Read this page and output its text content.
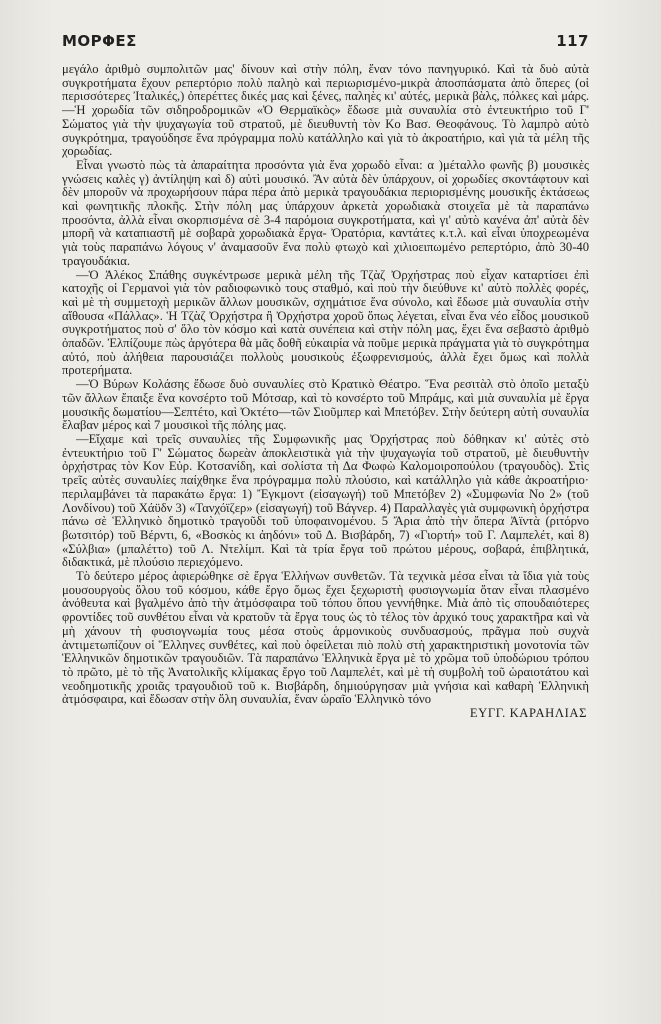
ΜΟΡΦΕΣ	117

μεγάλο ἀριθμὸ συμπολιτῶν μας' δίνουν καὶ στὴν πόλη, ἕναν τόνο πανηγυρικό. Καὶ τὰ δυὸ αὐτὰ συγκροτήματα ἔχουν ρεπερτόριο πολὺ παληὸ καὶ περιωρισμένο-μικρὰ ἀποσπάσματα ἀπὸ ὄπερες (οἱ περισσότερες Ἰταλικές,) ὀπερέττες δικές μας καὶ ξένες, παληὲς κι' αὐτές, μερικὰ βὰλς, πόλκες καὶ μάρς.—Ἡ χορωδία τῶν σιδηροδρομικῶν «Ὁ Θερμαϊκὸς» ἔδωσε μιὰ συναυλία στὸ ἐντευκτήριο τοῦ Γ' Σώματος γιὰ τὴν ψυχαγωγία τοῦ στρατοῦ, μὲ διευθυντὴ τὸν Κο Βασ. Θεοφάνους. Τὸ λαμπρὸ αὐτὸ συγκρότημα, τραγούδησε ἕνα πρόγραμμα πολὺ κατάλληλο καὶ γιὰ τὸ ἀκροατήριο, καὶ γιὰ τὰ μέλη τῆς χορωδίας.

Εἶναι γνωστὸ πὼς τὰ ἀπαραίτητα προσόντα γιὰ ἕνα χορωδὸ εἶναι: α )μέταλλο φωνῆς β) μουσικὲς γνώσεις καλὲς γ) ἀντίληψη καὶ δ) αὐτὶ μουσικό. Ἂν αὐτὰ δὲν ὑπάρχουν, οἱ χορωδίες σκοντάφτουν καὶ δὲν μποροῦν νὰ προχωρήσουν πάρα πέρα ἀπὸ μερικὰ τραγουδάκια περιορισμένης μουσικῆς ἐκτάσεως καὶ φωνητικῆς πλοκῆς. Στὴν πόλη μας ὑπάρχουν ἀρκετὰ χορωδιακὰ στοιχεῖα μὲ τὰ παραπάνω προσόντα, ἀλλὰ εἶναι σκορπισμένα σὲ 3-4 παρόμοια συγκροτήματα, καὶ γι' αὐτὸ κανένα ἀπ' αὐτὰ δὲν μπορῆ νὰ καταπιαστῆ μὲ σοβαρὰ χορωδιακὰ ἔργα- Ὀρατόρια, καντάτες κ.τ.λ. καὶ εἶναι ὑποχρεωμένα γιὰ τοὺς παραπάνω λόγους ν' ἀναμασοῦν ἕνα πολὺ φτωχὸ καὶ χιλιοειπωμένο ρεπερτόριο, ἀπὸ 30-40 τραγουδάκια.

—Ὁ Ἀλέκος Σπάθης συγκέντρωσε μερικὰ μέλη τῆς Τζὰζ Ὀρχήστρας ποὺ εἶχαν καταρτίσει ἐπὶ κατοχῆς οἱ Γερμανοὶ γιὰ τὸν ραδιοφωνικὸ τους σταθμό, καὶ ποὺ τὴν διεύθυνε κι' αὐτὸ πολλὲς φορές, καὶ μὲ τὴ συμμετοχὴ μερικῶν ἄλλων μουσικῶν, σχημάτισε ἕνα σύνολο, καὶ ἔδωσε μιὰ συναυλία στὴν αἴθουσα «Πάλλας». Ἡ Τζὰζ Ὀρχήστρα ἢ Ὀρχήστρα χοροῦ ὅπως λέγεται, εἶναι ἕνα νέο εἶδος μουσικοῦ συγκροτήματος ποὺ σ' ὅλο τὸν κόσμο καὶ κατὰ συνέπεια καὶ στὴν πόλη μας, ἔχει ἕνα σεβαστὸ ἀριθμὸ ὀπαδῶν. Ἐλπίζουμε πὼς ἀργότερα θὰ μᾶς δοθῆ εὐκαιρία νὰ ποῦμε μερικὰ πράγματα γιὰ τὸ συγκρότημα αὐτό, ποὺ ἀλήθεια παρουσιάζει πολλοὺς μουσικοὺς ἐξωφρενισμούς, ἀλλὰ ἔχει ὅμως καὶ πολλὰ προτερήματα.

—Ὁ Βύρων Κολάσης ἔδωσε δυὸ συναυλίες στὸ Κρατικὸ Θέατρο. Ἕνα ρεσιτὰλ στὸ ὁποῖο μεταξὺ τῶν ἄλλων ἔπαιξε ἕνα κονσέρτο τοῦ Μότσαρ, καὶ τὸ κονσέρτο τοῦ Μπράμς, καὶ μιὰ συναυλία μὲ ἔργα μουσικῆς δωματίου—Σεπτέτο, καὶ Ὀκτέτο—τῶν Σιοῦμπερ καὶ Μπετόβεν. Στὴν δεύτερη αὐτὴ συναυλία ἔλαβαν μέρος καὶ 7 μουσικοὶ τῆς πόλης μας.

—Εἴχαμε καὶ τρεῖς συναυλίες τῆς Συμφωνικῆς μας Ὀρχήστρας ποὺ δόθηκαν κι' αὐτὲς στὸ ἐντευκτήριο τοῦ Γ' Σώματος δωρεὰν ἀποκλειστικὰ γιὰ τὴν ψυχαγωγία τοῦ στρατοῦ, μὲ διευθυντὴν ὀρχήστρας τὸν Κον Εὐρ. Κοτσανίδη, καὶ σολίστα τὴ Δα Φωφὼ Καλομοιροπούλου (τραγουδὸς). Στὶς τρεῖς αὐτὲς συναυλίες παίχθηκε ἕνα πρόγραμμα πολὺ πλούσιο, καὶ κατάλληλο γιὰ κάθε ἀκροατήριο· περιλαμβάνει τὰ παρακάτω ἔργα: 1) Ἔγκμοντ (εἰσαγωγή) τοῦ Μπετόβεν 2) «Συμφωνία Νο 2» (τοῦ Λονδίνου) τοῦ Χάϋδν 3) «Τανχόϊζερ» (εἰσαγωγή) τοῦ Βάγνερ. 4) Παραλλαγὲς γιὰ συμφωνικὴ ὀρχήστρα πάνω σὲ Ἑλληνικὸ δημοτικὸ τραγοῦδι τοῦ ὑποφαινομένου. 5 Ἄρια ἀπὸ τὴν ὄπερα Ἀϊντὰ (ριτόρνο βωτσιτόρ) τοῦ Βέρντι, 6, «Βοσκὸς κι ἀηδόνι» τοῦ Δ. Βισβάρδη, 7) «Γιορτή» τοῦ Γ. Λαμπελέτ, καὶ 8) «Σύλβια» (μπαλέττο) τοῦ Λ. Ντελίμπ. Καὶ τὰ τρία ἔργα τοῦ πρώτου μέρους, σοβαρά, ἐπιβλητικά, διδακτικά, μὲ πλούσιο περιεχόμενο.

Τὸ δεύτερο μέρος ἀφιερώθηκε σὲ ἔργα Ἑλλήνων συνθετῶν. Τὰ τεχνικὰ μέσα εἶναι τὰ ἴδια γιὰ τοὺς μουσουργοὺς ὅλου τοῦ κόσμου, κάθε ἔργο ὅμως ἔχει ξεχωριστὴ φυσιογνωμία ὅταν εἶναι πλασμένο ἀνόθευτα καὶ βγαλμένο ἀπὸ τὴν ἀτμόσφαιρα τοῦ τόπου ὅπου γεννήθηκε. Μιὰ ἀπὸ τὶς σπουδαιότερες φροντίδες τοῦ συνθέτου εἶναι νὰ κρατοῦν τὰ ἔργα τους ὡς τὸ τέλος τὸν ἀρχικό τους χαρακτῆρα καὶ νὰ μὴ χάνουν τὴ φυσιογνωμία τους μέσα στοὺς ἁρμονικοὺς συνδυασμούς, πρᾶγμα ποὺ συχνὰ ἀντιμετωπίζουν οἱ Ἕλληνες συνθέτες, καὶ ποὺ ὀφείλεται πιὸ πολὺ στὴ χαρακτηριστικὴ μονοτονία τῶν Ἑλληνικῶν δημοτικῶν τραγουδιῶν. Τὰ παραπάνω Ἑλληνικὰ ἔργα μὲ τὸ χρῶμα τοῦ ὑποδώριου τρόπου τὸ πρῶτο, μὲ τὸ τῆς Ἀνατολικῆς κλίμακας ἔργο τοῦ Λαμπελέτ, καὶ μὲ τὴ συμβολὴ τοῦ ὡραιοτάτου καὶ νεοδημοτικῆς χροιᾶς τραγουδιοῦ τοῦ κ. Βισβάρδη, δημιούργησαν μιὰ γνήσια καὶ καθαρὴ Ἑλληνικὴ ἀτμόσφαιρα, καὶ ἔδωσαν στὴν ὅλη συναυλία, ἕναν ὡραῖο Ἑλληνικὸ τόνο

ΕΥΓΓ. ΚΑΡΑΗΛΙΑΣ
